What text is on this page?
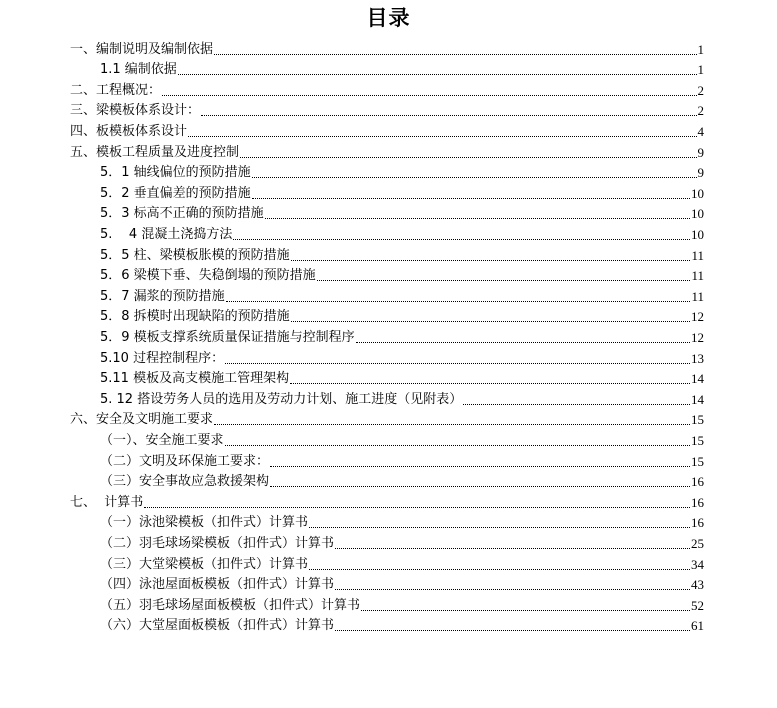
目录
一、编制说明及编制依据	1
1.1 编制依据	1
二、工程概况：	2
三、梁模板体系设计：	2
四、板模板体系设计	4
五、模板工程质量及进度控制	9
5．1 轴线偏位的预防措施	9
5．2 垂直偏差的预防措施	10
5．3 标高不正确的预防措施	10
5.    4 混凝土浇捣方法	10
5．5 柱、梁模板胀模的预防措施	11
5．6 梁模下垂、失稳倒塌的预防措施	11
5．7 漏浆的预防措施	11
5．8 拆模时出现缺陷的预防措施	12
5．9 模板支撑系统质量保证措施与控制程序	12
5.10 过程控制程序：	13
5.11 模板及高支模施工管理架构	14
5. 12 搭设劳务人员的选用及劳动力计划、施工进度（见附表）	14
六、安全及文明施工要求	15
（一）、安全施工要求	15
（二）文明及环保施工要求：	15
（三）安全事故应急救援架构	16
七、  计算书	16
（一）泳池梁模板（扣件式）计算书	16
（二）羽毛球场梁模板（扣件式）计算书	25
（三）大堂梁模板（扣件式）计算书	34
（四）泳池屋面板模板（扣件式）计算书	43
（五）羽毛球场屋面板模板（扣件式）计算书	52
（六）大堂屋面板模板（扣件式）计算书	61
